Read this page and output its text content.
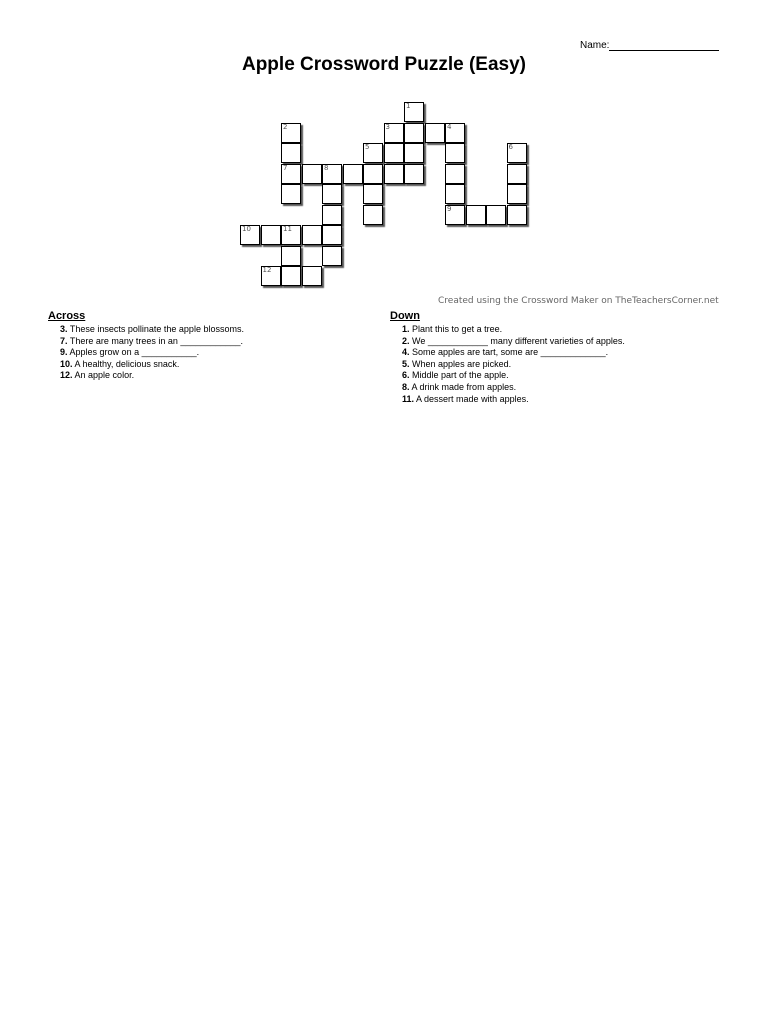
Name:
Apple Crossword Puzzle (Easy)
1
2	3	4
5	6
7	8
9
10	11
12
Created using the Crossword Maker on TheTeachersCorner.net
Across
3. These insects pollinate the apple blossoms.
7. There are many trees in an ____________.
9. Apples grow on a ___________.
10. A healthy, delicious snack.
12. An apple color.
Down
1. Plant this to get a tree.
2. We ____________ many different varieties of apples.
4. Some apples are tart, some are _____________.
5. When apples are picked.
6. Middle part of the apple.
8. A drink made from apples.
11. A dessert made with apples.
